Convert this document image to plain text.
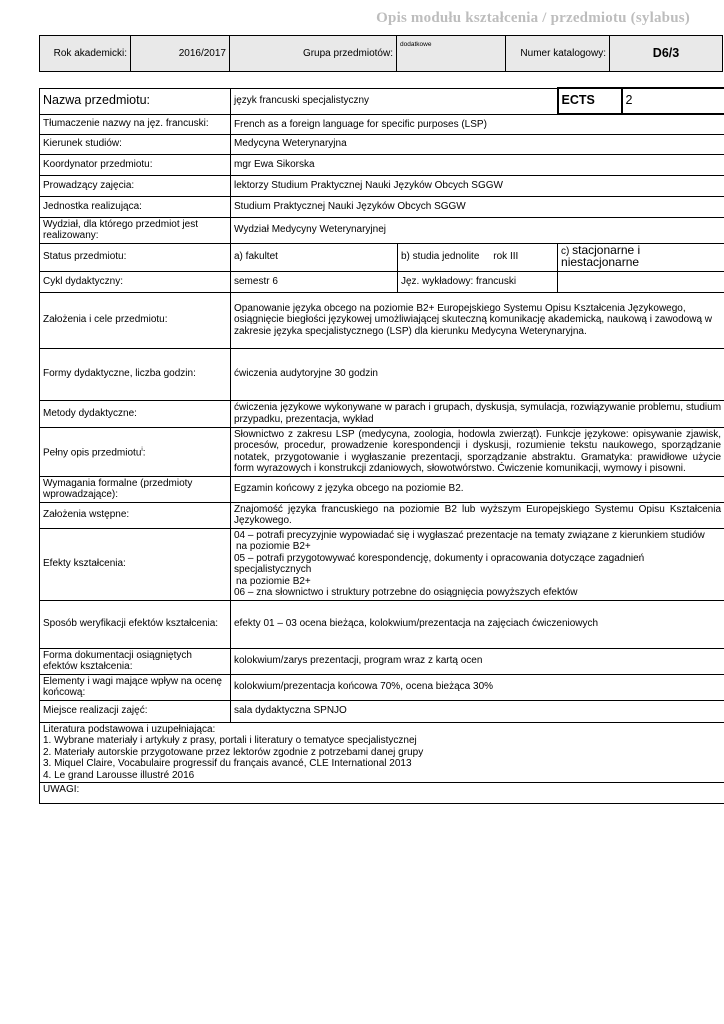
Opis modułu kształcenia / przedmiotu (sylabus)
Rok akademicki:	2016/2017	Grupa przedmiotów:	dodatkowe	Numer katalogowy:	D6/3
Nazwa przedmiotu:	język francuski specjalistyczny		ECTS	2
Tłumaczenie nazwy na jęz. francuski:	French as a foreign language for specific purposes (LSP)			
Kierunek studiów:	Medycyna Weterynaryjna			
Koordynator przedmiotu:	mgr Ewa Sikorska			
Prowadzący zajęcia:	lektorzy Studium Praktycznej Nauki Języków Obcych SGGW			
Jednostka realizująca:	Studium Praktycznej Nauki Języków Obcych SGGW			
Wydział, dla którego przedmiot jest realizowany:	Wydział Medycyny Weterynaryjnej			
Status przedmiotu:	a) fakultet	b) studia jednolite     rok III	c) stacjonarne i niestacjonarne	
Cykl dydaktyczny:	semestr 6	Jęz. wykładowy: francuski		
Założenia i cele przedmiotu:	Opanowanie języka obcego na poziomie B2+ Europejskiego Systemu Opisu Kształcenia Językowego, osiągnięcie biegłości językowej umożliwiającej skuteczną komunikację akademicką, naukową i zawodową w zakresie języka specjalistycznego (LSP) dla kierunku Medycyna Weterynaryjna.			
Formy dydaktyczne, liczba godzin:	ćwiczenia audytoryjne 30 godzin			
Metody dydaktyczne:	ćwiczenia językowe wykonywane w parach i grupach, dyskusja, symulacja, rozwiązywanie problemu, studium przypadku, prezentacja, wykład			
Pełny opis przedmiotu$^i$:	Słownictwo z zakresu LSP (medycyna, zoologia, hodowla zwierząt). Funkcje językowe: opisywanie zjawisk, procesów, procedur, prowadzenie korespondencji i dyskusji, rozumienie tekstu naukowego, sporządzanie notatek, przygotowanie i wygłaszanie prezentacji, sporządzanie abstraktu. Gramatyka: prawidłowe użycie form wyrazowych i konstrukcji zdaniowych, słowotwórstwo. Ćwiczenie komunikacji, wymowy i pisowni.			
Wymagania formalne (przedmioty wprowadzające):	Egzamin końcowy z języka obcego na poziomie B2.			
Założenia wstępne:	Znajomość języka francuskiego na poziomie B2 lub wyższym Europejskiego Systemu Opisu Kształcenia Językowego.			
Efekty kształcenia:	04 – potrafi precyzyjnie wypowiadać się i wygłaszać prezentacje na tematy związane z kierunkiem studiów
na poziomie B2+
05 – potrafi przygotowywać korespondencję, dokumenty i opracowania dotyczące zagadnień specjalistycznych
na poziomie B2+
06 – zna słownictwo i struktury potrzebne do osiągnięcia powyższych efektów			

Sposób weryfikacji efektów kształcenia:	efekty 01 – 03 ocena bieżąca, kolokwium/prezentacja na zajęciach ćwiczeniowych			
Forma dokumentacji osiągniętych efektów kształcenia:	kolokwium/zarys prezentacji, program wraz z kartą ocen			
Elementy i wagi mające wpływ na ocenę końcową:	kolokwium/prezentacja końcowa 70%, ocena bieżąca 30%			
Miejsce realizacji zajęć:	sala dydaktyczna SPNJO			

Literatura podstawowa i uzupełniająca:
1. Wybrane materiały i artykuły z prasy, portali i literatury o tematyce specjalistycznej
2. Materiały autorskie przygotowane przez lektorów zgodnie z potrzebami danej grupy
3. Miquel Claire, Vocabulaire progressif du français avancé, CLE International 2013
4. Le grand Larousse illustré 2016				

UWAGI:				
